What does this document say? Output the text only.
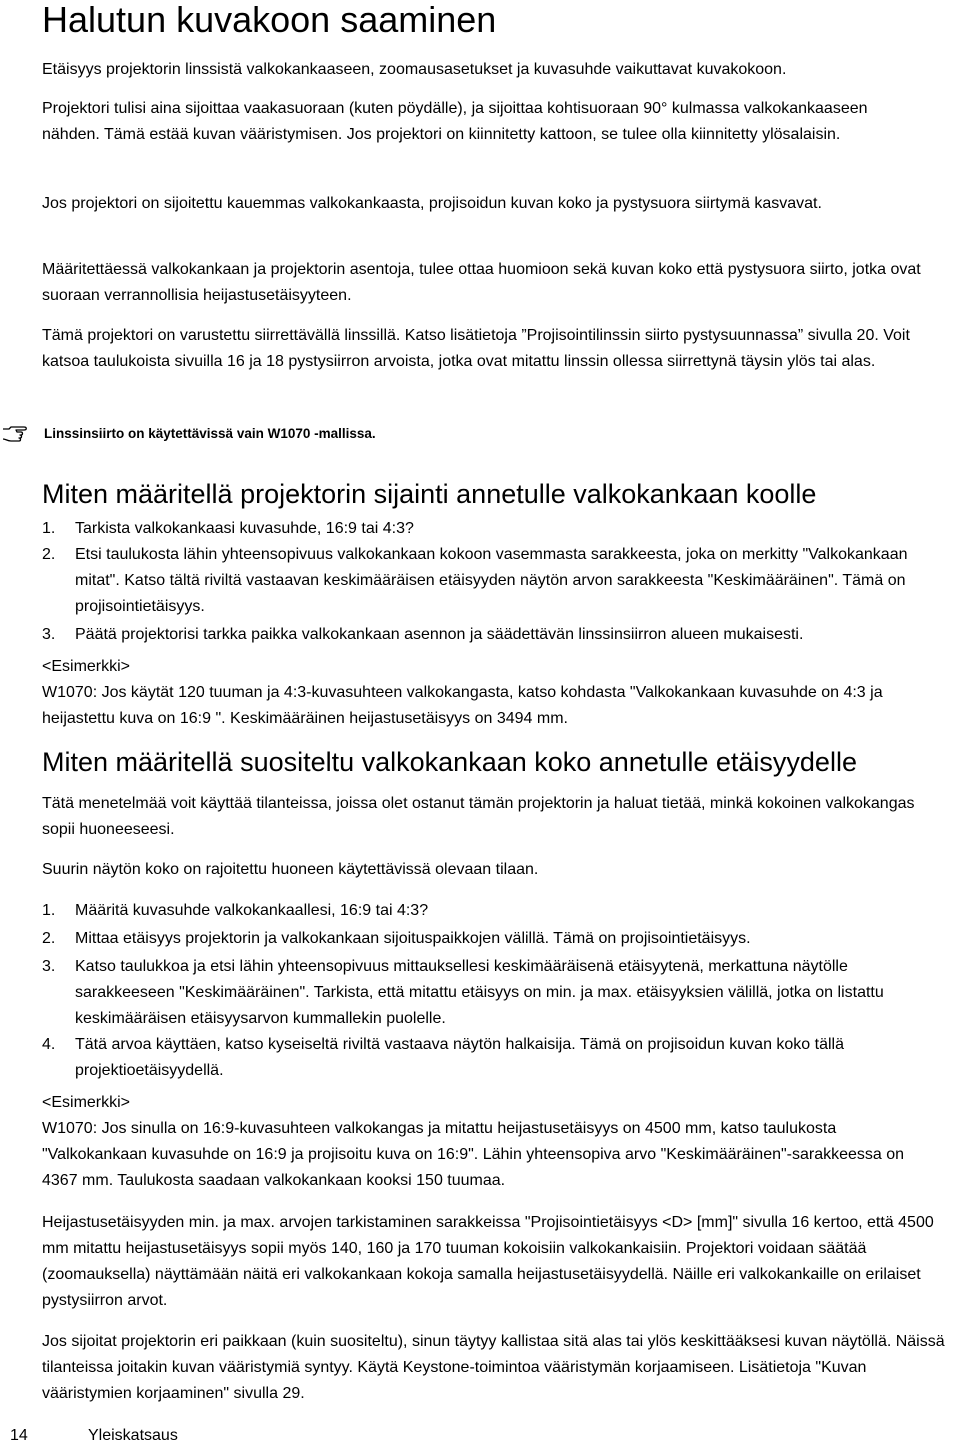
Halutun kuvakoon saaminen
Etäisyys projektorin linssistä valkokankaaseen, zoomausasetukset ja kuvasuhde vaikuttavat kuvakokoon.
Projektori tulisi aina sijoittaa vaakasuoraan (kuten pöydälle), ja sijoittaa kohtisuoraan 90° kulmassa valkokankaaseen nähden. Tämä estää kuvan vääristymisen. Jos projektori on kiinnitetty kattoon, se tulee olla kiinnitetty ylösalaisin.
Jos projektori on sijoitettu kauemmas valkokankaasta, projisoidun kuvan koko ja pystysuora siirtymä kasvavat.
Määritettäessä valkokankaan ja projektorin asentoja, tulee ottaa huomioon sekä kuvan koko että pystysuora siirto, jotka ovat suoraan verrannollisia heijastusetäisyyteen.
Tämä projektori on varustettu siirrettävällä linssillä. Katso lisätietoja ”Projisointilinssin siirto pystysuunnassa” sivulla 20. Voit katsoa taulukoista sivuilla 16 ja 18 pystysiirron arvoista, jotka ovat mitattu linssin ollessa siirrettynä täysin ylös tai alas.
Linssinsiirto on käytettävissä vain W1070 -mallissa.
Miten määritellä projektorin sijainti annetulle valkokankaan koolle
1.	Tarkista valkokankaasi kuvasuhde, 16:9 tai 4:3?
2.	Etsi taulukosta lähin yhteensopivuus valkokankaan kokoon vasemmasta sarakkeesta, joka on merkitty "Valkokankaan mitat". Katso tältä riviltä vastaavan keskimääräisen etäisyyden näytön arvon sarakkeesta "Keskimääräinen". Tämä on projisointietäisyys.
3.	Päätä projektorisi tarkka paikka valkokankaan asennon ja säädettävän linssinsiirron alueen mukaisesti.
<Esimerkki>
W1070: Jos käytät 120 tuuman ja 4:3-kuvasuhteen valkokangasta, katso kohdasta "Valkokankaan kuvasuhde on 4:3 ja heijastettu kuva on 16:9 ". Keskimääräinen heijastusetäisyys on 3494 mm.
Miten määritellä suositeltu valkokankaan koko annetulle etäisyydelle
Tätä menetelmää voit käyttää tilanteissa, joissa olet ostanut tämän projektorin ja haluat tietää, minkä kokoinen valkokangas sopii huoneeseesi.
Suurin näytön koko on rajoitettu huoneen käytettävissä olevaan tilaan.
1.	Määritä kuvasuhde valkokankaallesi, 16:9 tai 4:3?
2.	Mittaa etäisyys projektorin ja valkokankaan sijoituspaikkojen välillä. Tämä on projisointietäisyys.
3.	Katso taulukkoa ja etsi lähin yhteensopivuus mittauksellesi keskimääräisenä etäisyytenä, merkattuna näytölle sarakkeeseen "Keskimääräinen". Tarkista, että mitattu etäisyys on min. ja max. etäisyyksien välillä, jotka on listattu keskimääräisen etäisyysarvon kummallekin puolelle.
4.	Tätä arvoa käyttäen, katso kyseiseltä riviltä vastaava näytön halkaisija. Tämä on projisoidun kuvan koko tällä projektioetäisyydellä.
<Esimerkki>
W1070: Jos sinulla on 16:9-kuvasuhteen valkokangas ja mitattu heijastusetäisyys on 4500 mm, katso taulukosta "Valkokankaan kuvasuhde on 16:9 ja projisoitu kuva on 16:9". Lähin yhteensopiva arvo "Keskimääräinen"-sarakkeessa on 4367 mm. Taulukosta saadaan valkokankaan kooksi 150 tuumaa.
Heijastusetäisyyden min. ja max. arvojen tarkistaminen sarakkeissa "Projisointietäisyys <D> [mm]" sivulla 16 kertoo, että 4500 mm mitattu heijastusetäisyys sopii myös 140, 160 ja 170 tuuman kokoisiin valkokankaisiin. Projektori voidaan säätää (zoomauksella) näyttämään näitä eri valkokankaan kokoja samalla heijastusetäisyydellä. Näille eri valkokankaille on erilaiset pystysiirron arvot.
Jos sijoitat projektorin eri paikkaan (kuin suositeltu), sinun täytyy kallistaa sitä alas tai ylös keskittääksesi kuvan näytöllä. Näissä tilanteissa joitakin kuvan vääristymiä syntyy. Käytä Keystone-toimintoa vääristymän korjaamiseen. Lisätietoja "Kuvan vääristymien korjaaminen" sivulla 29.
14	Yleiskatsaus
